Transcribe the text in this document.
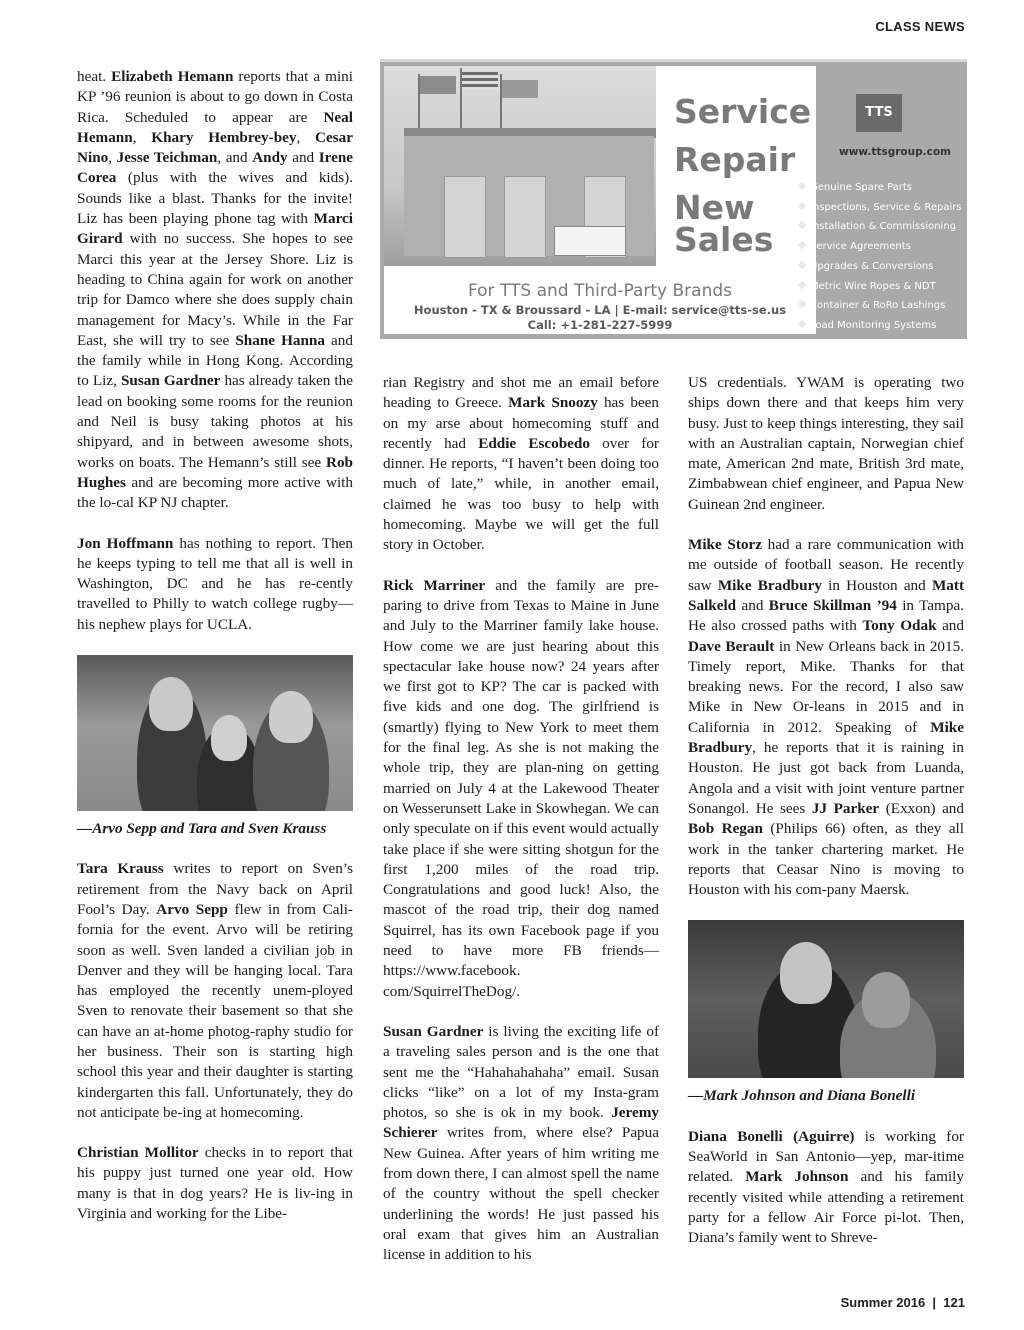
CLASS NEWS
Service
Repair
New
Sales
For TTS and Third-Party Brands
Houston - TX & Broussard - LA | E-mail: service@tts-se.us
Call: +1-281-227-5999
TTS
www.ttsgroup.com
Genuine Spare Parts
Inspections, Service & Repairs
Installation & Commissioning
Service Agreements
Upgrades & Conversions
Metric Wire Ropes & NDT
Container & RoRo Lashings
Load Monitoring Systems

heat. Elizabeth Hemann reports that a mini KP ’96 reunion is about to go down in Costa Rica. Scheduled to appear are Neal Hemann, Khary Hembrey-bey, Cesar Nino, Jesse Teichman, and Andy and Irene Corea (plus with the wives and kids). Sounds like a blast. Thanks for the invite! Liz has been playing phone tag with Marci Girard with no success. She hopes to see Marci this year at the Jersey Shore. Liz is heading to China again for work on another trip for Damco where she does supply chain management for Macy’s. While in the Far East, she will try to see Shane Hanna and the family while in Hong Kong. According to Liz, Susan Gardner has already taken the lead on booking some rooms for the reunion and Neil is busy taking photos at his shipyard, and in between awesome shots, works on boats. The Hemann’s still see Rob Hughes and are becoming more active with the lo-cal KP NJ chapter.

Jon Hoffmann has nothing to report. Then he keeps typing to tell me that all is well in Washington, DC and he has re-cently travelled to Philly to watch college rugby—his nephew plays for UCLA.

—Arvo Sepp and Tara and Sven Krauss

Tara Krauss writes to report on Sven’s retirement from the Navy back on April Fool’s Day. Arvo Sepp flew in from Cali-fornia for the event. Arvo will be retiring soon as well. Sven landed a civilian job in Denver and they will be hanging local. Tara has employed the recently unem-ployed Sven to renovate their basement so that she can have an at-home photog-raphy studio for her business. Their son is starting high school this year and their daughter is starting kindergarten this fall. Unfortunately, they do not anticipate be-ing at homecoming.

Christian Mollitor checks in to report that his puppy just turned one year old. How many is that in dog years? He is liv-ing in Virginia and working for the Libe-

rian Registry and shot me an email before heading to Greece. Mark Snoozy has been on my arse about homecoming stuff and recently had Eddie Escobedo over for dinner. He reports, “I haven’t been doing too much of late,” while, in another email, claimed he was too busy to help with homecoming. Maybe we will get the full story in October.

Rick Marriner and the family are pre-paring to drive from Texas to Maine in June and July to the Marriner family lake house. How come we are just hearing about this spectacular lake house now? 24 years after we first got to KP? The car is packed with five kids and one dog. The girlfriend is (smartly) flying to New York to meet them for the final leg. As she is not making the whole trip, they are plan-ning on getting married on July 4 at the Lakewood Theater on Wesserunsett Lake in Skowhegan. We can only speculate on if this event would actually take place if she were sitting shotgun for the first 1,200 miles of the road trip. Congratulations and good luck! Also, the mascot of the road trip, their dog named Squirrel, has its own Facebook page if you need to have more FB friends—https://www.facebook. com/SquirrelTheDog/.

Susan Gardner is living the exciting life of a traveling sales person and is the one that sent me the “Hahahahahaha” email. Susan clicks “like” on a lot of my Insta-gram photos, so she is ok in my book. Jeremy Schierer writes from, where else? Papua New Guinea. After years of him writing me from down there, I can almost spell the name of the country without the spell checker underlining the words! He just passed his oral exam that gives him an Australian license in addition to his

US credentials. YWAM is operating two ships down there and that keeps him very busy. Just to keep things interesting, they sail with an Australian captain, Norwegian chief mate, American 2nd mate, British 3rd mate, Zimbabwean chief engineer, and Papua New Guinean 2nd engineer.

Mike Storz had a rare communication with me outside of football season. He recently saw Mike Bradbury in Houston and Matt Salkeld and Bruce Skillman ’94 in Tampa. He also crossed paths with Tony Odak and Dave Berault in New Orleans back in 2015. Timely report, Mike. Thanks for that breaking news. For the record, I also saw Mike in New Or-leans in 2015 and in California in 2012. Speaking of Mike Bradbury, he reports that it is raining in Houston. He just got back from Luanda, Angola and a visit with joint venture partner Sonangol. He sees JJ Parker (Exxon) and Bob Regan (Philips 66) often, as they all work in the tanker chartering market. He reports that Ceasar Nino is moving to Houston with his com-pany Maersk.

—Mark Johnson and Diana Bonelli

Diana Bonelli (Aguirre) is working for SeaWorld in San Antonio—yep, mar-itime related. Mark Johnson and his family recently visited while attending a retirement party for a fellow Air Force pi-lot. Then, Diana’s family went to Shreve-

Summer 2016 | 121
